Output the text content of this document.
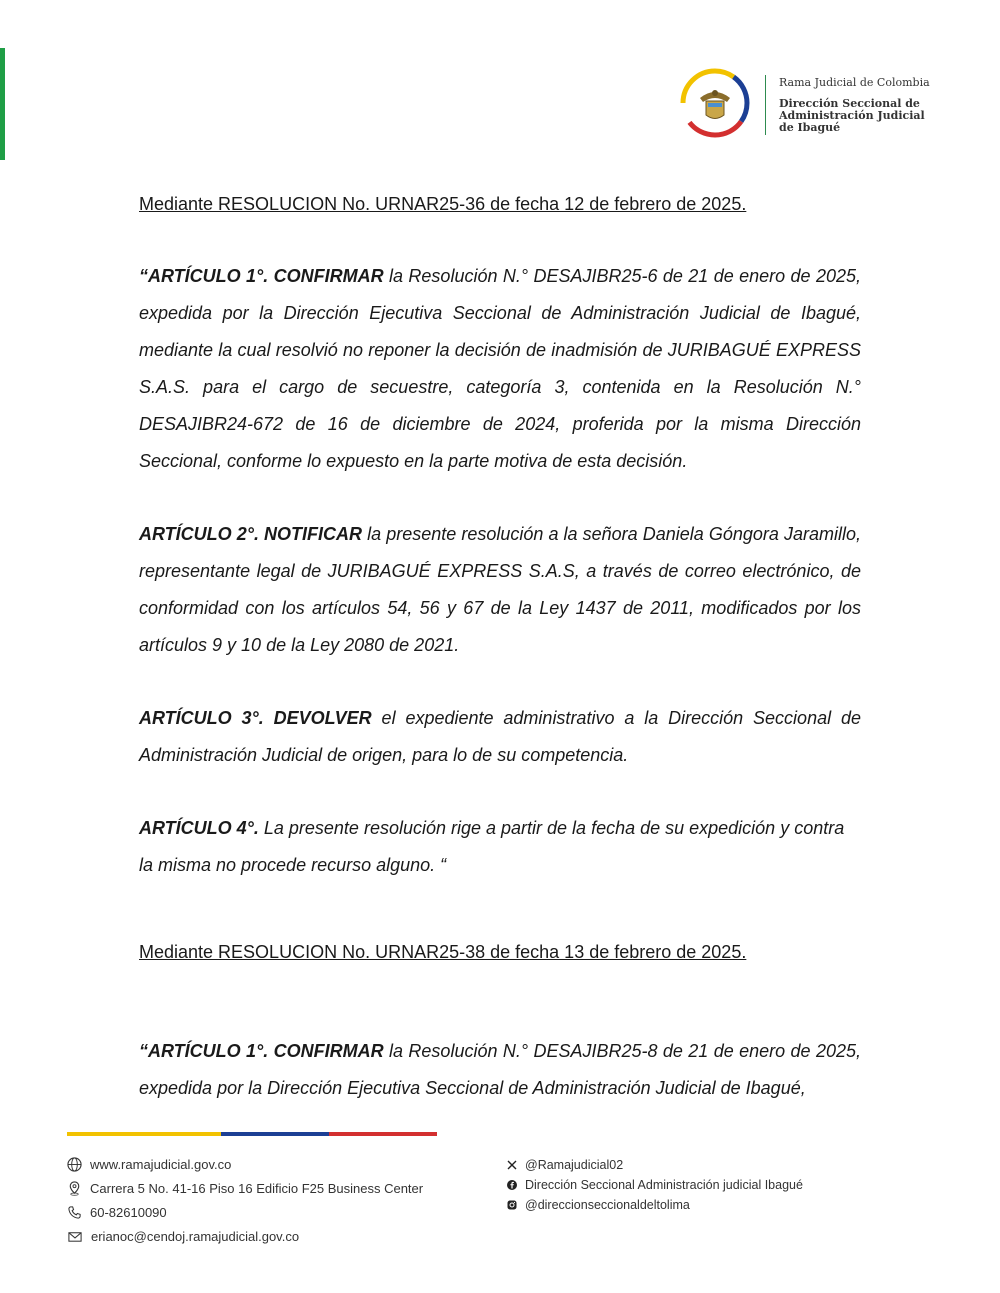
Rama Judicial de Colombia
Dirección Seccional de
Administración Judicial
de Ibagué
Mediante RESOLUCION No. URNAR25-36 de fecha 12 de febrero de 2025.
“ARTÍCULO 1°. CONFIRMAR la Resolución N.° DESAJIBR25-6 de 21 de enero de 2025, expedida por la Dirección Ejecutiva Seccional de Administración Judicial de Ibagué, mediante la cual resolvió no reponer la decisión de inadmisión de JURIBAGUÉ EXPRESS S.A.S. para el cargo de secuestre, categoría 3, contenida en la Resolución N.° DESAJIBR24-672 de 16 de diciembre de 2024, proferida por la misma Dirección Seccional, conforme lo expuesto en la parte motiva de esta decisión.
ARTÍCULO 2°. NOTIFICAR la presente resolución a la señora Daniela Góngora Jaramillo, representante legal de JURIBAGUÉ EXPRESS S.A.S, a través de correo electrónico, de conformidad con los artículos 54, 56 y 67 de la Ley 1437 de 2011, modificados por los artículos 9 y 10 de la Ley 2080 de 2021.
ARTÍCULO 3°. DEVOLVER el expediente administrativo a la Dirección Seccional de Administración Judicial de origen, para lo de su competencia.
ARTÍCULO 4°. La presente resolución rige a partir de la fecha de su expedición y contra la misma no procede recurso alguno. “
Mediante RESOLUCION No. URNAR25-38 de fecha 13 de febrero de 2025.
“ARTÍCULO 1°. CONFIRMAR la Resolución N.° DESAJIBR25-8 de 21 de enero de 2025, expedida por la Dirección Ejecutiva Seccional de Administración Judicial de Ibagué,
www.ramajudicial.gov.co
Carrera 5 No. 41-16 Piso 16 Edificio F25 Business Center
60-82610090
erianoc@cendoj.ramajudicial.gov.co
@Ramajudicial02
Dirección Seccional Administración judicial Ibagué
@direccionseccionaldeltolima
